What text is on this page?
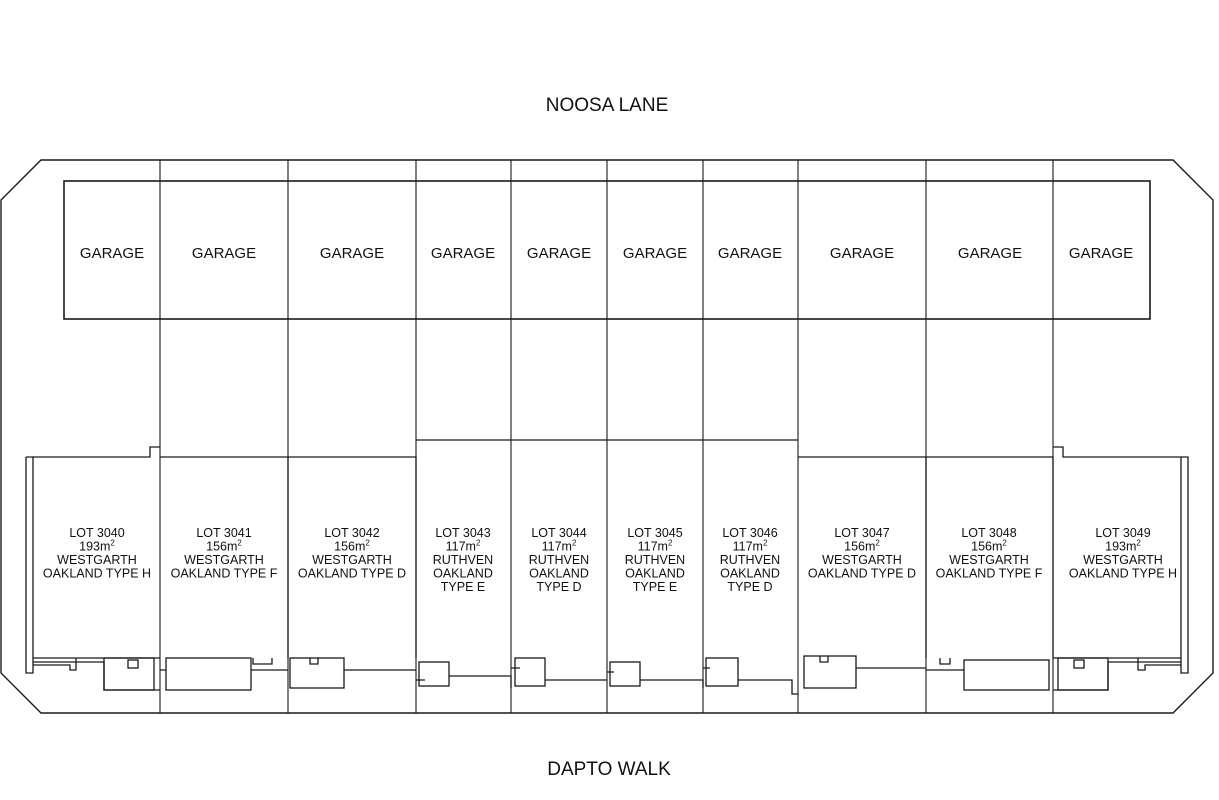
NOOSA LANE
DAPTO WALK
GARAGE	GARAGE	GARAGE	GARAGE GARAGE GARAGE GARAGE	GARAGE	GARAGE	GARAGE
LOT 3040 $193m^2$ WESTGARTH OAKLAND TYPE H
LOT 3041 $156m^2$ WESTGARTH OAKLAND TYPE F
LOT 3042 $156m^2$ WESTGARTH OAKLAND TYPE D
LOT 3043 $117m^2$ RUTHVEN OAKLAND TYPE E
LOT 3044 $117m^2$ RUTHVEN OAKLAND TYPE D
LOT 3045 $117m^2$ RUTHVEN OAKLAND TYPE E
LOT 3046 $117m^2$ RUTHVEN OAKLAND TYPE D
LOT 3047 $156m^2$ WESTGARTH OAKLAND TYPE D
LOT 3048 $156m^2$ WESTGARTH OAKLAND TYPE F
LOT 3049 $193m^2$ WESTGARTH OAKLAND TYPE H
